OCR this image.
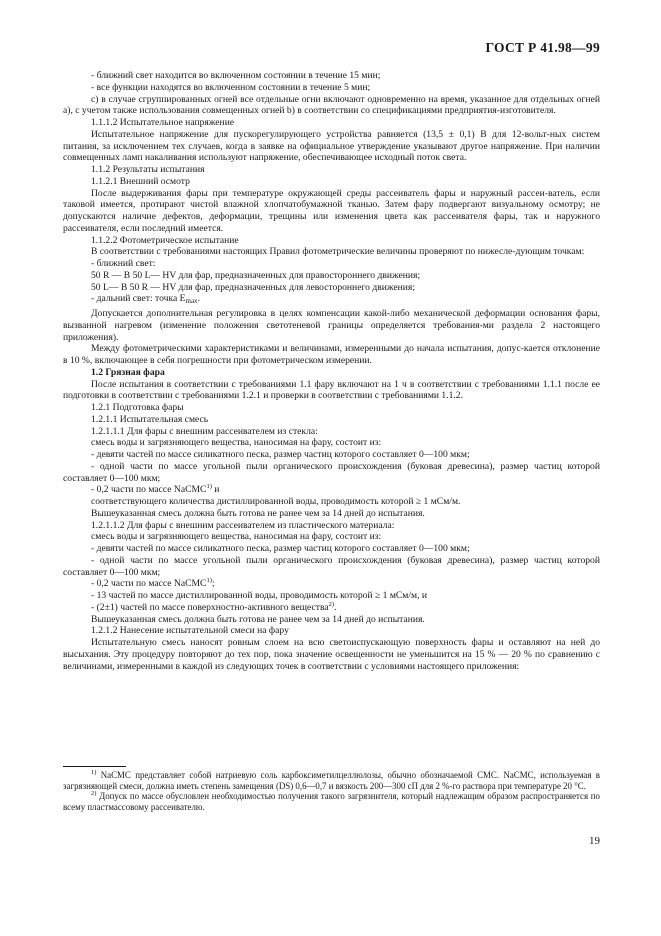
ГОСТ Р 41.98—99

- ближний свет находится во включенном состоянии в течение 15 мин;

- все функции находятся во включенном состоянии в течение 5 мин;

c) в случае сгруппированных огней все отдельные огни включают одновременно на время, указанное для отдельных огней а), с учетом также использования совмещенных огней b) в соответствии со спецификациями предприятия-изготовителя.

1.1.1.2 Испытательное напряжение

Испытательное напряжение для пускорегулирующего устройства равняется (13,5 ± 0,1) В для 12-вольт-ных систем питания, за исключением тех случаев, когда в заявке на официальное утверждение указывают другое напряжение. При наличии совмещенных ламп накаливания используют напряжение, обеспечивающее исходный поток света.

1.1.2 Результаты испытания

1.1.2.1 Внешний осмотр

После выдерживания фары при температуре окружающей среды рассеиватель фары и наружный рассеи-ватель, если таковой имеется, протирают чистой влажной хлопчатобумажной тканью. Затем фару подвергают визуальному осмотру; не допускаются наличие дефектов, деформации, трещины или изменения цвета как рассеивателя фары, так и наружного рассеивателя, если последний имеется.

1.1.2.2 Фотометрическое испытание

В соответствии с требованиями настоящих Правил фотометрические величины проверяют по нижесле-дующим точкам:

- ближний свет:

50 R — B 50 L— HV для фар, предназначенных для правостороннего движения;

50 L— B 50 R — HV для фар, предназначенных для левостороннего движения;

- дальний свет: точка $E_{max}$.

Допускается дополнительная регулировка в целях компенсации какой-либо механической деформации основания фары, вызванной нагревом (изменение положения светотеневой границы определяется требования-ми раздела 2 настоящего приложения).

Между фотометрическими характеристиками и величинами, измеренными до начала испытания, допус-кается отклонение в 10 %, включающее в себя погрешности при фотометрическом измерении.

1.2 Грязная фара

После испытания в соответствии с требованиями 1.1 фару включают на 1 ч в соответствии с требованиями 1.1.1 после ее подготовки в соответствии с требованиями 1.2.1 и проверки в соответствии с требованиями 1.1.2.

1.2.1 Подготовка фары

1.2.1.1 Испытательная смесь

1.2.1.1.1 Для фары с внешним рассеивателем из стекла:

смесь воды и загрязняющего вещества, наносимая на фару, состоит из:

- девяти частей по массе силикатного песка, размер частиц которого составляет 0—100 мкм;

- одной части по массе угольной пыли органического происхождения (буковая древесина), размер частиц которой составляет 0—100 мкм;

- 0,2 части по массе NaCMC$^{1)}$ и

соответствующего количества дистиллированной воды, проводимость которой ≥ 1 мСм/м.

Вышеуказанная смесь должна быть готова не ранее чем за 14 дней до испытания.

1.2.1.1.2 Для фары с внешним рассеивателем из пластического материала:

смесь воды и загрязняющего вещества, наносимая на фару, состоит из:

- девяти частей по массе силикатного песка, размер частиц которого составляет 0—100 мкм;

- одной части по массе угольной пыли органического происхождения (буковая древесина), размер частиц которой составляет 0—100 мкм;

- 0,2 части по массе NaCMC$^{1)}$;

- 13 частей по массе дистиллированной воды, проводимость которой ≥ 1 мСм/м, и

- (2±1) частей по массе поверхностно-активного вещества$^{2)}$.

Вышеуказанная смесь должна быть готова не ранее чем за 14 дней до испытания.

1.2.1.2 Нанесение испытательной смеси на фару

Испытательную смесь наносят ровным слоем на всю светоиспускающую поверхность фары и оставляют на ней до высыхания. Эту процедуру повторяют до тех пор, пока значение освещенности не уменьшится на 15 % — 20 % по сравнению с величинами, измеренными в каждой из следующих точек в соответствии с условиями настоящего приложения:

$^{1)}$ NaCMC представляет собой натриевую соль карбоксиметилцеллюлозы, обычно обозначаемой CMC. NaCMC, используемая в загрязняющей смеси, должна иметь степень замещения (DS) 0,6—0,7 и вязкость 200—300 сП для 2 %-го раствора при температуре 20 °C.

$^{2)}$ Допуск по массе обусловлен необходимостью получения такого загрязнителя, который надлежащим образом распространяется по всему пластмассовому рассеивателю.

19
